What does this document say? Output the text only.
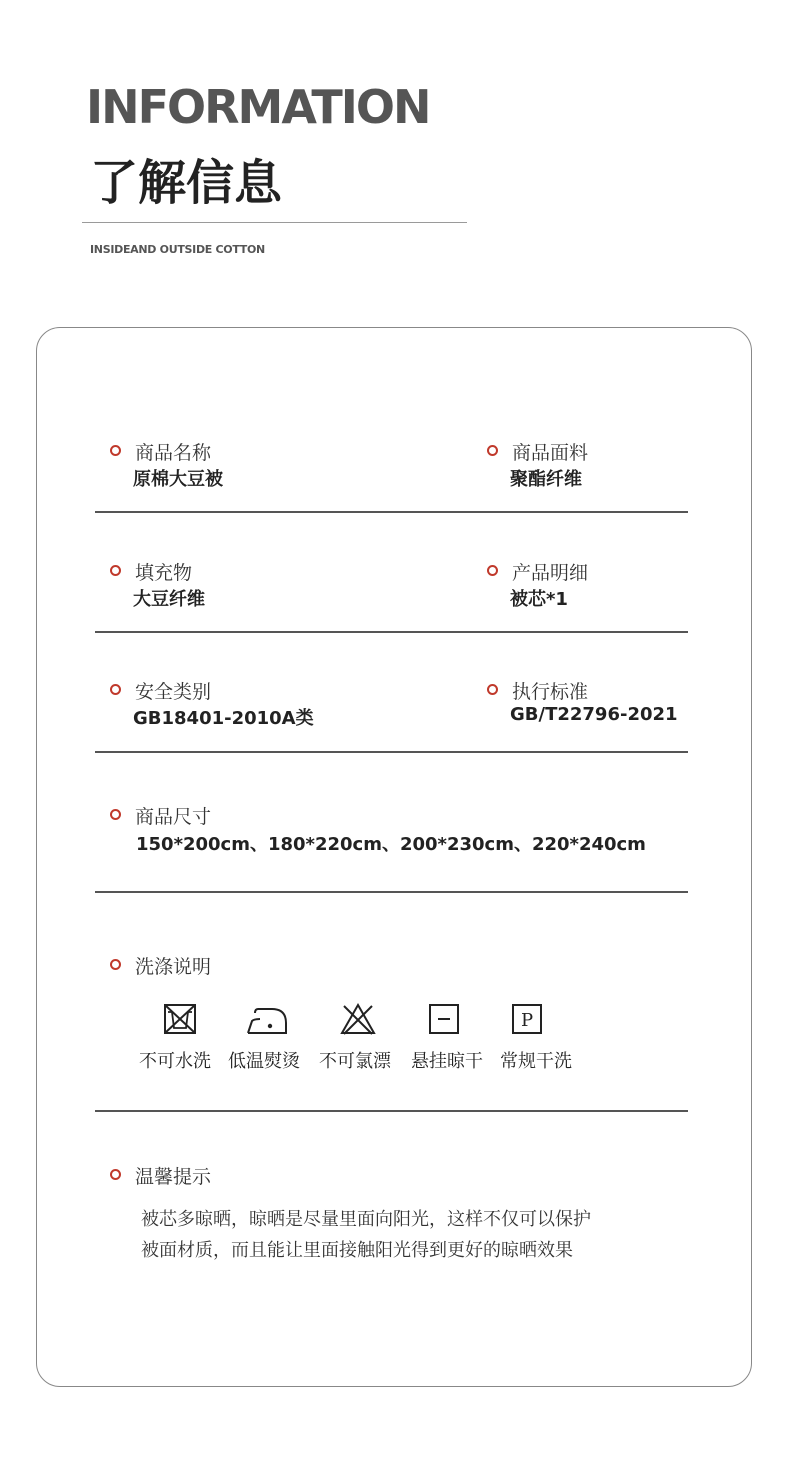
INFORMATION
了解信息
INSIDEAND OUTSIDE COTTON
商品名称
原棉大豆被
商品面料
聚酯纤维
填充物
大豆纤维
产品明细
被芯*1
安全类别
GB18401-2010A类
执行标准
GB/T22796-2021
商品尺寸
150*200cm、180*220cm、200*230cm、220*240cm
洗涤说明
P
不可水洗 低温熨烫 不可氯漂 悬挂晾干 常规干洗
温馨提示
被芯多晾晒，晾晒是尽量里面向阳光，这样不仅可以保护
被面材质，而且能让里面接触阳光得到更好的晾晒效果
